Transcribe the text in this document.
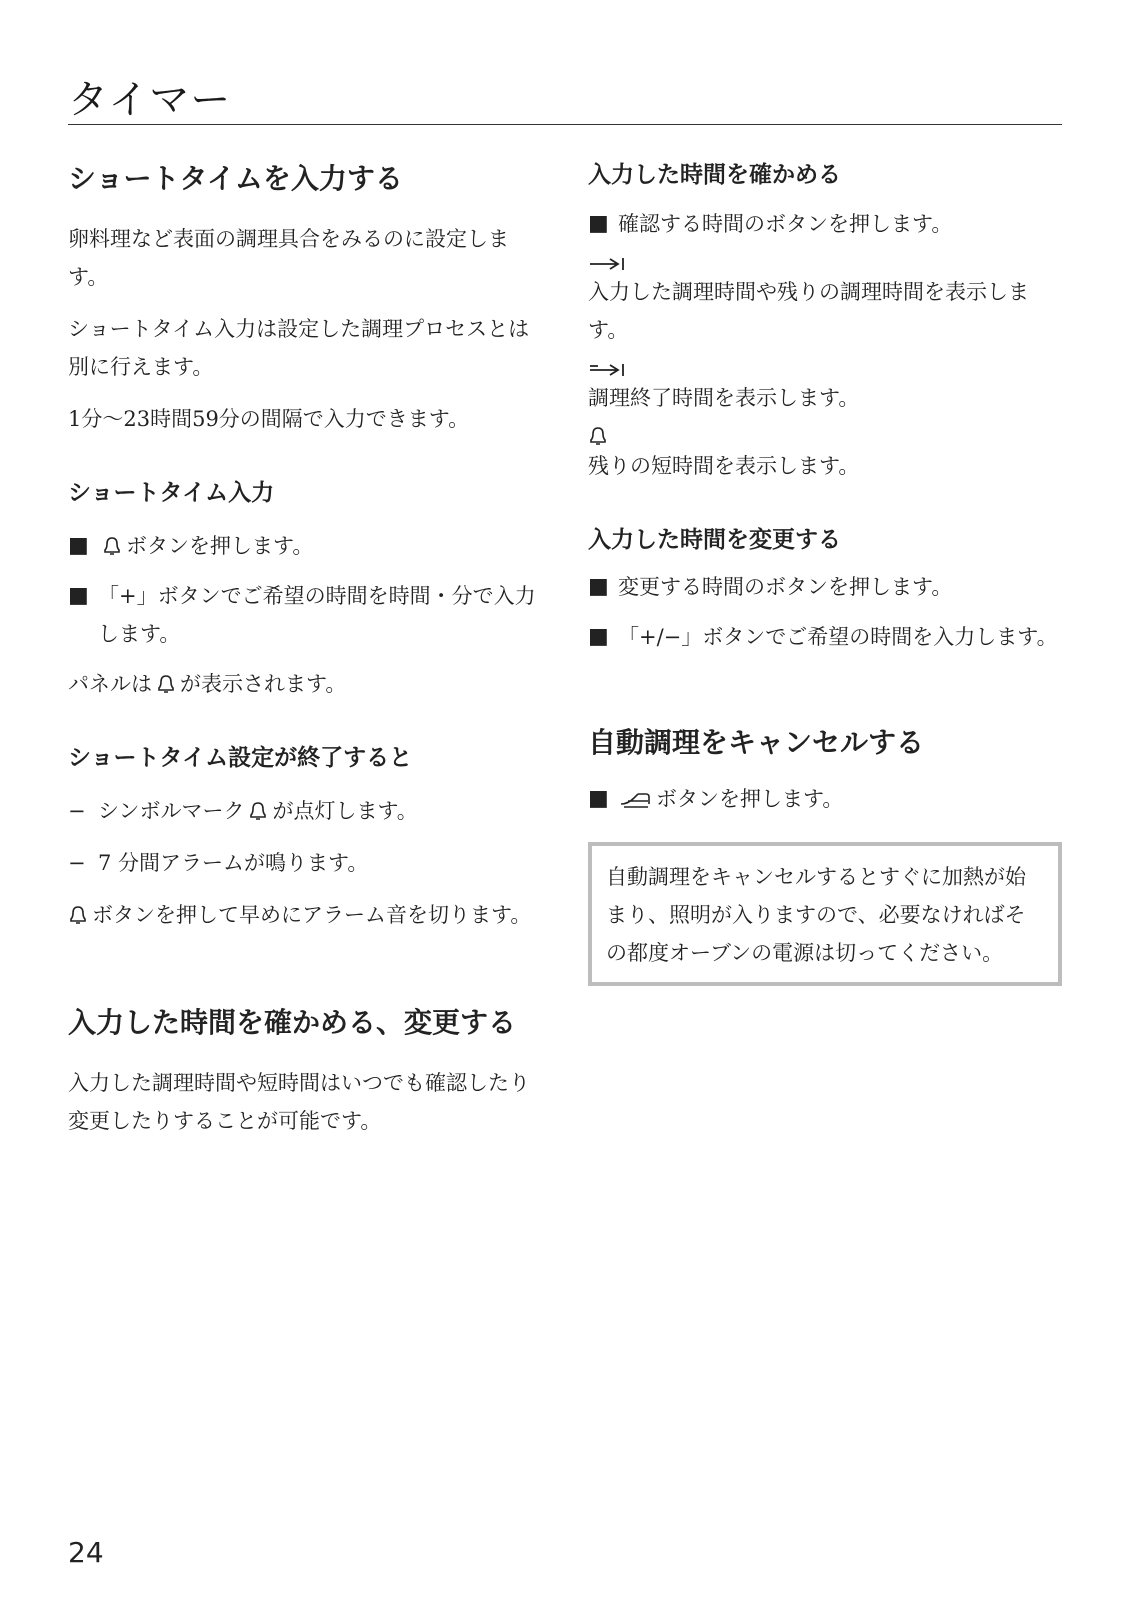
タイマー
ショートタイムを入力する

卵料理など表面の調理具合をみるのに設定します。

ショートタイム入力は設定した調理プロセスとは別に行えます。

1分〜23時間59分の間隔で入力できます。

ショートタイム入力
■	ボタンを押します。
■ 「+」ボタンでご希望の時間を時間・分で入力します。

パネルは が表示されます。

ショートタイム設定が終了すると
− シンボルマーク が点灯します。
− 7 分間アラームが鳴ります。

ボタンを押して早めにアラーム音を切ります。

入力した時間を確かめる、変更する

入力した調理時間や短時間はいつでも確認したり変更したりすることが可能です。

入力した時間を確かめる
■ 確認する時間のボタンを押します。

入力した調理時間や残りの調理時間を表示します。

調理終了時間を表示します。

残りの短時間を表示します。

入力した時間を変更する
■ 変更する時間のボタンを押します。
■ 「+/−」ボタンでご希望の時間を入力します。
自動調理をキャンセルする
■	ボタンを押します。
自動調理をキャンセルするとすぐに加熱が始まり、照明が入りますので、必要なければその都度オーブンの電源は切ってください。
24
